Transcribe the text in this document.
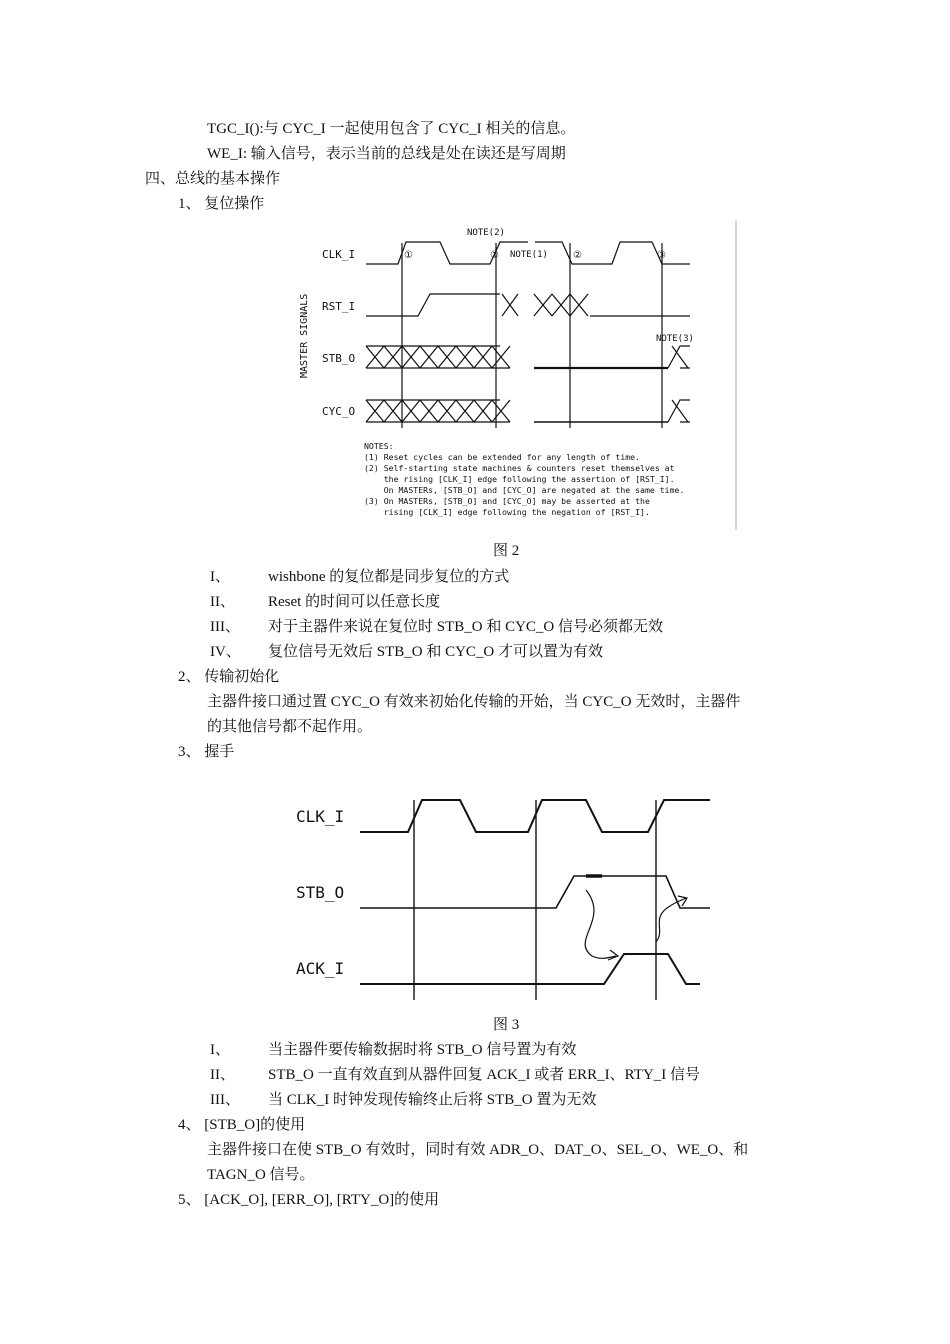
TGC_I():与 CYC_I 一起使用包含了 CYC_I 相关的信息。
WE_I: 输入信号，表示当前的总线是处在读还是写周期
四、总线的基本操作
1、 复位操作
NOTE(2)
NOTE(1)
NOTE(3)
①	①	②	③
CLK_I
RST_I
STB_O
CYC_O
MASTER SIGNALS
NOTES:
(1) Reset cycles can be extended for any length of time.
(2) Self-starting state machines & counters reset themselves at
the rising [CLK_I] edge following the assertion of [RST_I].
On MASTERs, [STB_O] and [CYC_O] are negated at the same time.
(3) On MASTERs, [STB_O] and [CYC_O] may be asserted at the
rising [CLK_I] edge following the negation of [RST_I].
图 2
I、	wishbone 的复位都是同步复位的方式
II、 Reset 的时间可以任意长度
III、 对于主器件来说在复位时 STB_O 和 CYC_O 信号必须都无效
IV、 复位信号无效后 STB_O 和 CYC_O 才可以置为有效
2、 传输初始化
主器件接口通过置 CYC_O 有效来初始化传输的开始，当 CYC_O 无效时，主器件
的其他信号都不起作用。
3、 握手
CLK_I
STB_O
ACK_I
图 3
I、	当主器件要传输数据时将 STB_O 信号置为有效
II、 STB_O 一直有效直到从器件回复 ACK_I 或者 ERR_I、RTY_I 信号
III、 当 CLK_I 时钟发现传输终止后将 STB_O 置为无效
4、 [STB_O]的使用
主器件接口在使 STB_O 有效时，同时有效 ADR_O、DAT_O、SEL_O、WE_O、和
TAGN_O 信号。
5、 [ACK_O], [ERR_O], [RTY_O]的使用
